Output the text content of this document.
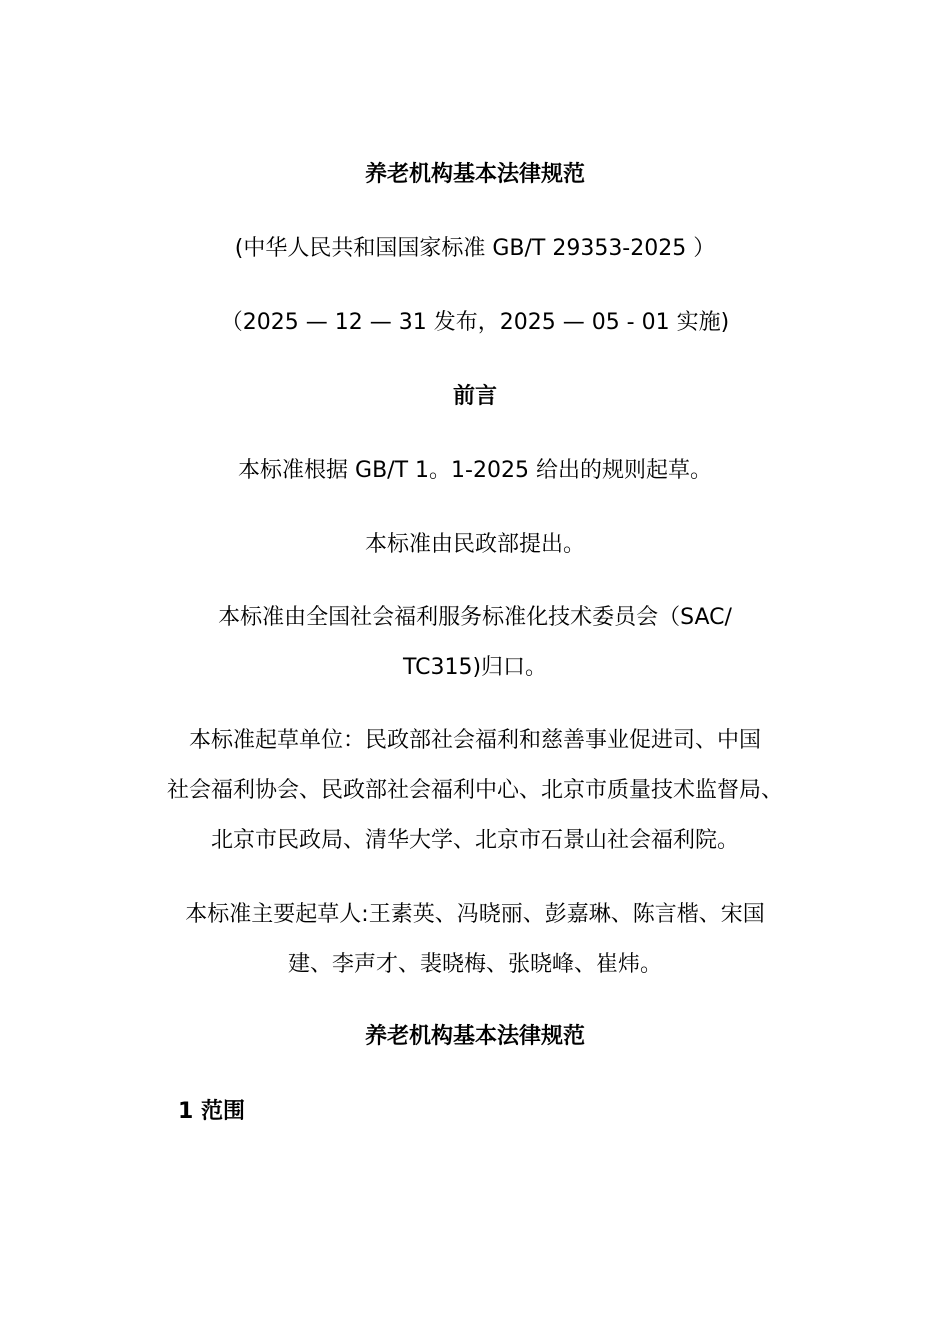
养老机构基本法律规范
(中华人民共和国国家标准 GB/T 29353-2025 ）
（2025 — 12 — 31 发布，2025 — 05 - 01 实施)
前言
本标准根据 GB/T 1。1-2025 给出的规则起草。
本标准由民政部提出。
本标准由全国社会福利服务标准化技术委员会（SAC/
TC315)归口。
本标准起草单位：民政部社会福利和慈善事业促进司、中国
社会福利协会、民政部社会福利中心、北京市质量技术监督局、
北京市民政局、清华大学、北京市石景山社会福利院。
本标准主要起草人:王素英、冯晓丽、彭嘉琳、陈言楷、宋国
建、李声才、裴晓梅、张晓峰、崔炜。
养老机构基本法律规范
1 范围
